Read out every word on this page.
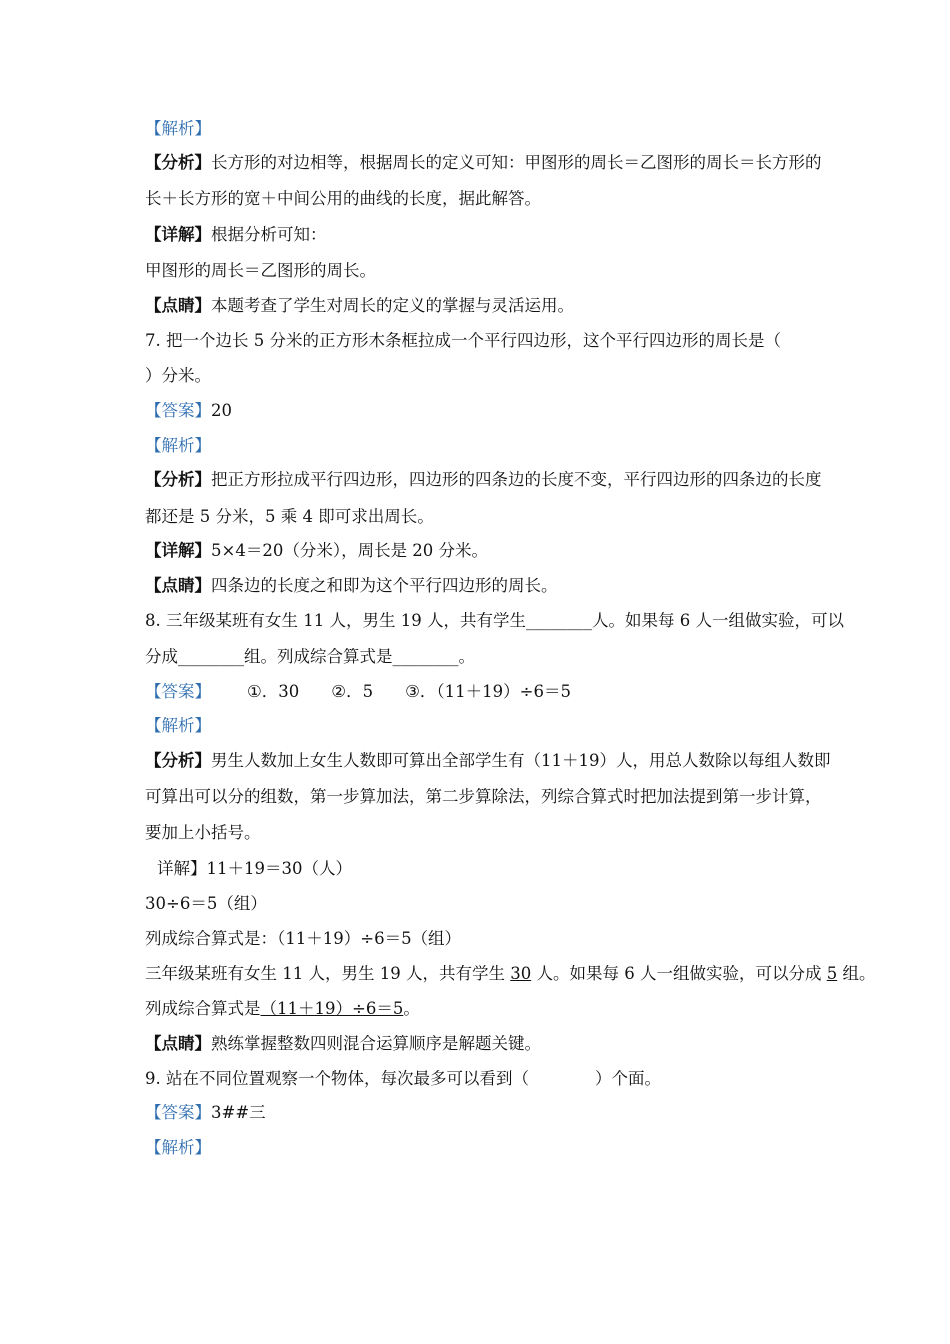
【解析】
【分析】长方形的对边相等，根据周长的定义可知：甲图形的周长＝乙图形的周长＝长方形的
长＋长方形的宽＋中间公用的曲线的长度，据此解答。
【详解】根据分析可知：
甲图形的周长＝乙图形的周长。
【点睛】本题考查了学生对周长的定义的掌握与灵活运用。
7. 把一个边长 5 分米的正方形木条框拉成一个平行四边形，这个平行四边形的周长是（
）分米。
【答案】20
【解析】
【分析】把正方形拉成平行四边形，四边形的四条边的长度不变，平行四边形的四条边的长度
都还是 5 分米，5 乘 4 即可求出周长。
【详解】5×4＝20（分米），周长是 20 分米。
【点睛】四条边的长度之和即为这个平行四边形的周长。
8. 三年级某班有女生 11 人，男生 19 人，共有学生________人。如果每 6 人一组做实验，可以
分成________组。列成综合算式是________。
【答案】 ①．30 ②．5 ③．（11＋19）÷6＝5
【解析】
【分析】男生人数加上女生人数即可算出全部学生有（11＋19）人，用总人数除以每组人数即
可算出可以分的组数，第一步算加法，第二步算除法，列综合算式时把加法提到第一步计算，
要加上小括号。
详解】11＋19＝30（人）
30÷6＝5（组）
列成综合算式是：（11＋19）÷6＝5（组）
三年级某班有女生 11 人，男生 19 人，共有学生 30 人。如果每 6 人一组做实验，可以分成 5 组。
列成综合算式是（11＋19）÷6＝5。
【点睛】熟练掌握整数四则混合运算顺序是解题关键。
9. 站在不同位置观察一个物体，每次最多可以看到（　　　　）个面。
【答案】3##三
【解析】
